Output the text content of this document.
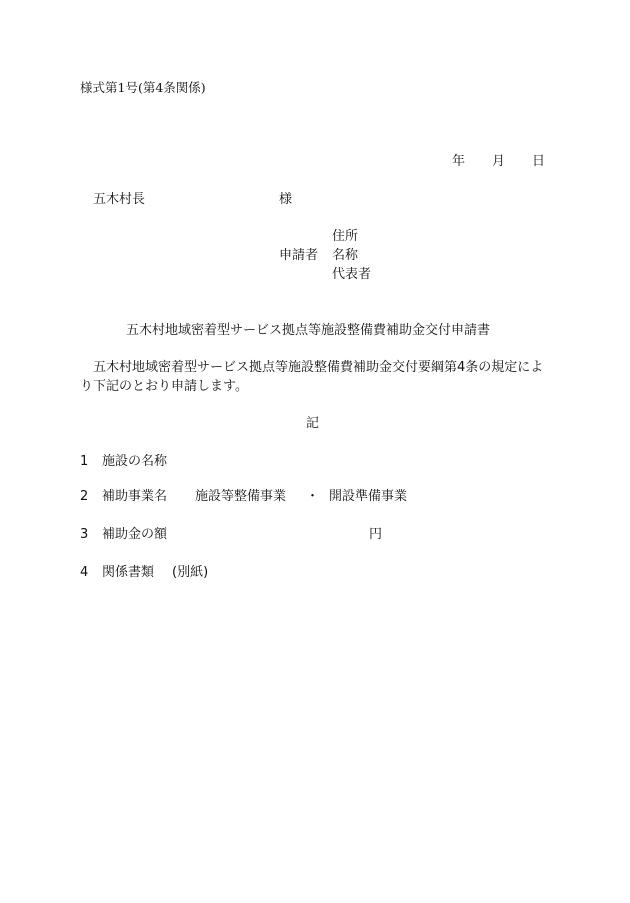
様式第1号(第4条関係)
年 月 日
五木村長	様
申請者
住所
名称
代表者
五木村地域密着型サービス拠点等施設整備費補助金交付申請書
五木村地域密着型サービス拠点等施設整備費補助金交付要綱第4条の規定により下記のとおり申請します。
記
1 施設の名称
2 補助事業名 施設等整備事業 ・ 開設準備事業
3 補助金の額	円
4 関係書類 (別紙)
